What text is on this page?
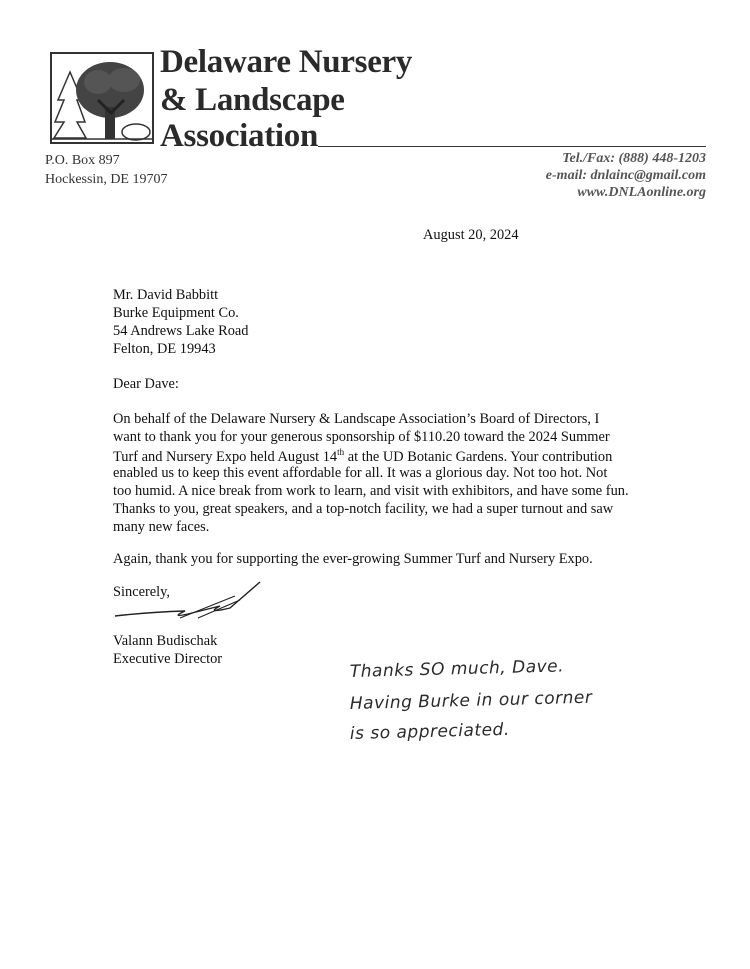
Delaware Nursery
& Landscape
Association
P.O. Box 897
Hockessin, DE 19707
Tel./Fax: (888) 448-1203
e-mail: dnlainc@gmail.com
www.DNLAonline.org
August 20, 2024
Mr. David Babbitt
Burke Equipment Co.
54 Andrews Lake Road
Felton, DE 19943
Dear Dave:
On behalf of the Delaware Nursery & Landscape Association’s Board of Directors, I
want to thank you for your generous sponsorship of $110.20 toward the 2024 Summer
Turf and Nursery Expo held August 14th at the UD Botanic Gardens. Your contribution
enabled us to keep this event affordable for all. It was a glorious day. Not too hot. Not
too humid. A nice break from work to learn, and visit with exhibitors, and have some fun.
Thanks to you, great speakers, and a top-notch facility, we had a super turnout and saw
many new faces.
Again, thank you for supporting the ever-growing Summer Turf and Nursery Expo.
Sincerely,
Valann Budischak
Executive Director	Thanks SO much, Dave.
Having Burke in our corner
is so appreciated.
